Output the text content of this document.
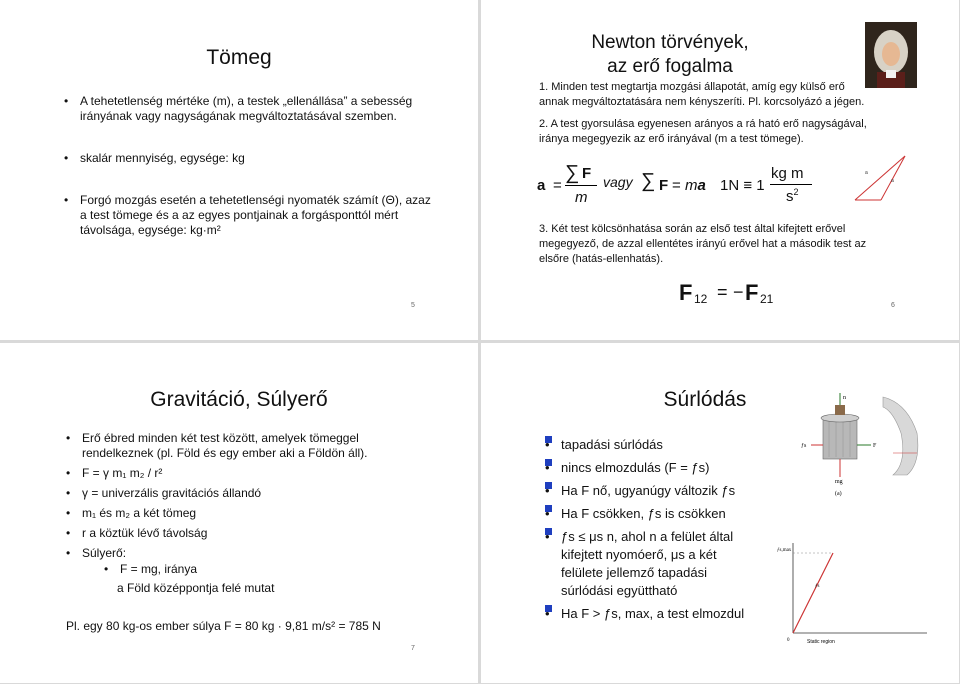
Tömeg
• A tehetetlenség mértéke (m), a testek „ellenállása” a sebesség irányának vagy nagyságának megváltoztatásával szemben.
• skalár mennyiség, egysége: kg
• Forgó mozgás esetén a tehetetlenségi nyomaték számít (Θ), azaz a test tömege és a az egyes pontjainak a forgásponttól mért távolsága, egysége: kg·m²
5
Newton törvények,
az erő fogalma
1. Minden test megtartja mozgási állapotát, amíg egy külső erő annak megváltoztatására nem kényszeríti. Pl. korcsolyázó a jégen.
2. A test gyorsulása egyenesen arányos a rá ható erő nagyságával, iránya megegyezik az erő irányával (m a test tömege).
a =
∑ F
m
vagy ∑ F = ma 1N ≡ 1
kg m
$s^2$
a
a
3. Két test kölcsönhatása során az első test által kifejtett erővel megegyező, de azzal ellentétes irányú erővel hat a második test az elsőre (hatás-ellenhatás).
F 12 = − F 21	6
Gravitáció, Súlyerő
• Erő ébred minden két test között, amelyek tömeggel rendelkeznek (pl. Föld és egy ember aki a Földön áll).
• F = γ m₁ m₂ / r²
• γ = univerzális gravitációs állandó
• m₁ és m₂ a két tömeg
• r a köztük lévő távolság
• Súlyerő:
• F = mg, iránya
a Föld középpontja felé mutat
Pl. egy 80 kg-os ember súlya F = 80 kg · 9,81 m/s² = 785 N
7
Súrlódás
• tapadási súrlódás
• nincs elmozdulás (F = ƒs)
• Ha F nő, ugyanúgy változik ƒs
• Ha F csökken, ƒs is csökken
• ƒs ≤ μs n, ahol n a felület által kifejtett nyomóerő, μs a két felülete jellemző tapadási súrlódási együttható
• Ha F > ƒs, max, a test elmozdul
ƒs	F
n
mg
(a)
ƒs,max
ƒs
0	Static region
